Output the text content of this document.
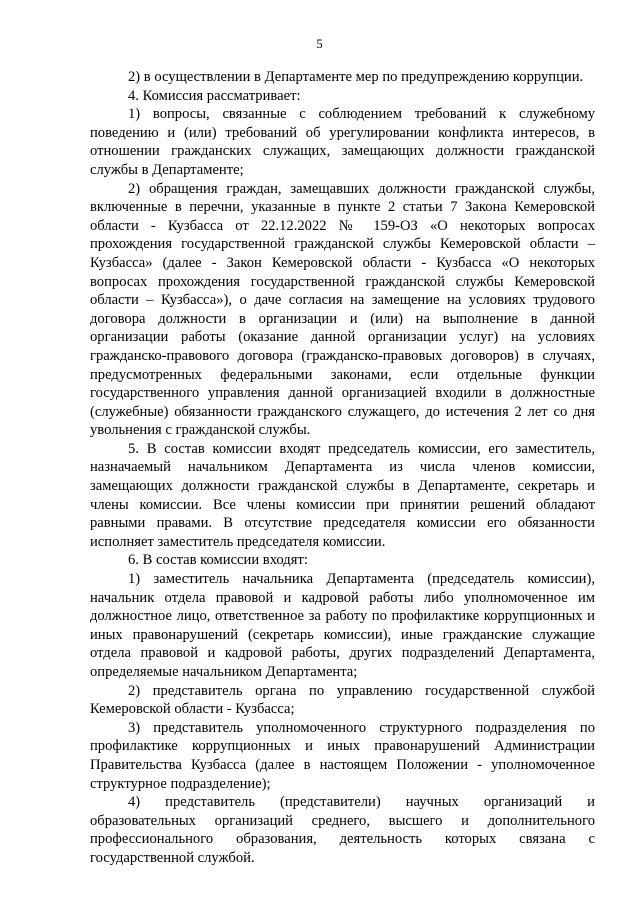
5

2) в осуществлении в Департаменте мер по предупреждению коррупции.

4. Комиссия рассматривает:

1) вопросы, связанные с соблюдением требований к служебному поведению и (или) требований об урегулировании конфликта интересов, в отношении гражданских служащих, замещающих должности гражданской службы в Департаменте;

2) обращения граждан, замещавших должности гражданской службы, включенные в перечни, указанные в пункте 2 статьи 7 Закона Кемеровской области - Кузбасса от 22.12.2022 № 159-ОЗ «О некоторых вопросах прохождения государственной гражданской службы Кемеровской области – Кузбасса» (далее - Закон Кемеровской области - Кузбасса «О некоторых вопросах прохождения государственной гражданской службы Кемеровской области – Кузбасса»), о даче согласия на замещение на условиях трудового договора должности в организации и (или) на выполнение в данной организации работы (оказание данной организации услуг) на условиях гражданско-правового договора (гражданско-правовых договоров) в случаях, предусмотренных федеральными законами, если отдельные функции государственного управления данной организацией входили в должностные (служебные) обязанности гражданского служащего, до истечения 2 лет со дня увольнения с гражданской службы.

5. В состав комиссии входят председатель комиссии, его заместитель, назначаемый начальником Департамента из числа членов комиссии, замещающих должности гражданской службы в Департаменте, секретарь и члены комиссии. Все члены комиссии при принятии решений обладают равными правами. В отсутствие председателя комиссии его обязанности исполняет заместитель председателя комиссии.

6. В состав комиссии входят:

1) заместитель начальника Департамента (председатель комиссии), начальник отдела правовой и кадровой работы либо уполномоченное им должностное лицо, ответственное за работу по профилактике коррупционных и иных правонарушений (секретарь комиссии), иные гражданские служащие отдела правовой и кадровой работы, других подразделений Департамента, определяемые начальником Департамента;

2) представитель органа по управлению государственной службой Кемеровской области - Кузбасса;

3) представитель уполномоченного структурного подразделения по профилактике коррупционных и иных правонарушений Администрации Правительства Кузбасса (далее в настоящем Положении - уполномоченное структурное подразделение);

4) представитель (представители) научных организаций и образовательных организаций среднего, высшего и дополнительного профессионального образования, деятельность которых связана с государственной службой.
